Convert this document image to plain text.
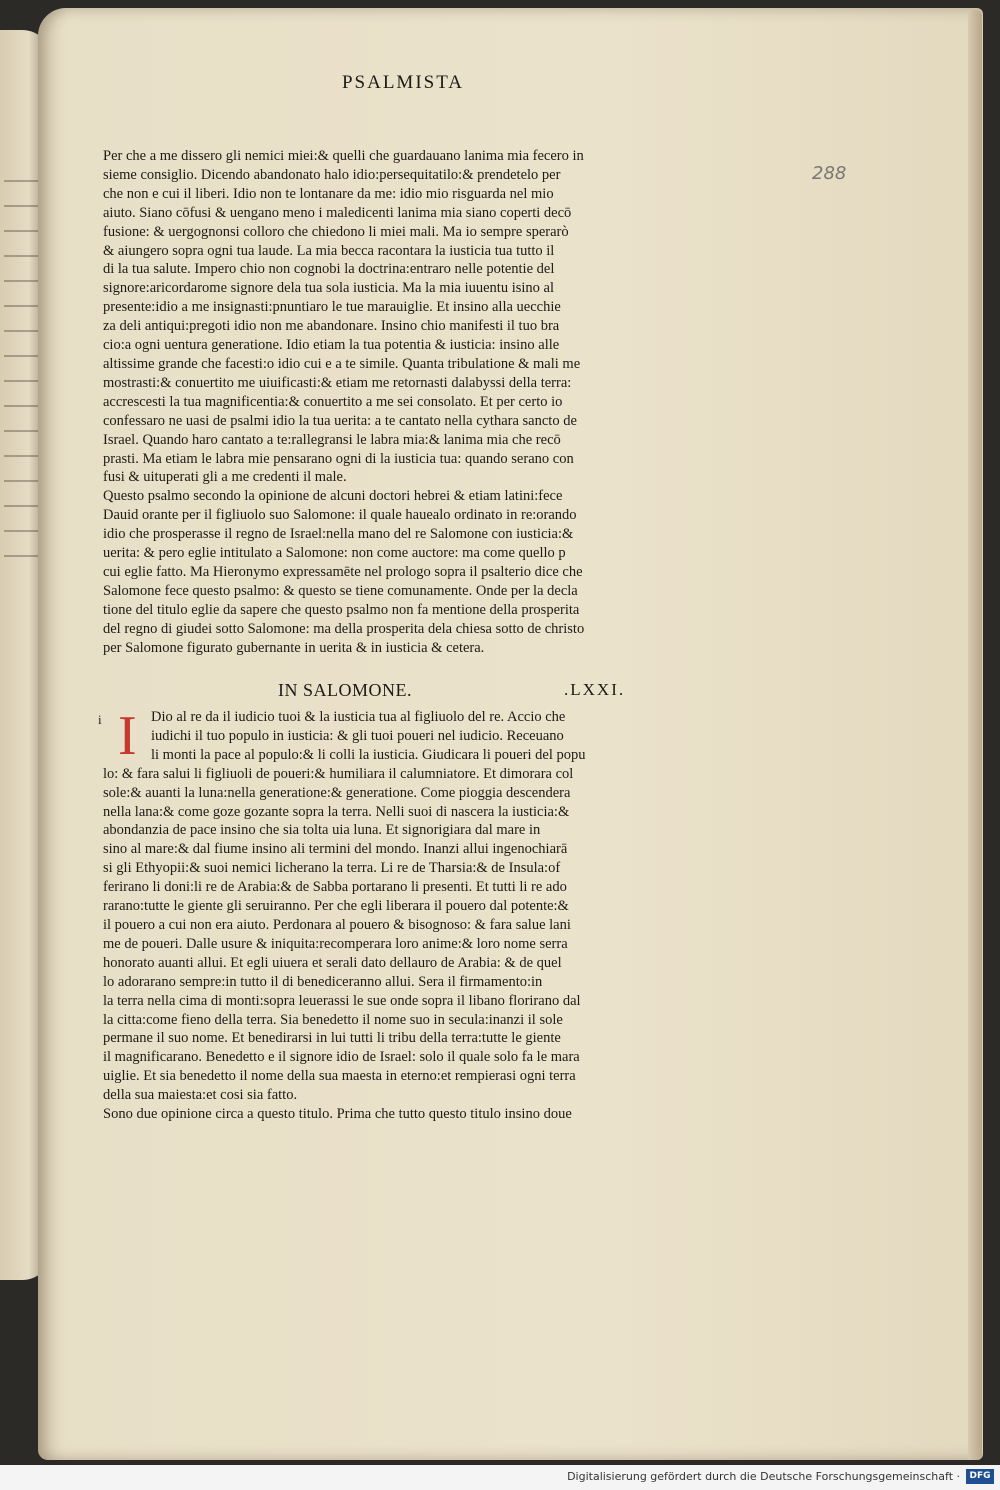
PSALMISTA
288
Per che a me dissero gli nemici miei:& quelli che guardauano lanima mia fecero in
sieme consiglio. Dicendo abandonato halo idio:persequitatilo:& prendetelo per
che non e cui il liberi. Idio non te lontanare da me: idio mio risguarda nel mio
aiuto. Siano cōfusi & uengano meno i maledicenti lanima mia siano coperti decō
fusione: & uergognonsi colloro che chiedono li miei mali. Ma io sempre sperarò
& aiungero sopra ogni tua laude. La mia becca racontara la iusticia tua tutto il
di la tua salute. Impero chio non cognobi la doctrina:entraro nelle potentie del
signore:aricordarome signore dela tua sola iusticia. Ma la mia iuuentu isino al
presente:idio a me insignasti:pnuntiaro le tue marauiglie. Et insino alla uecchie
za deli antiqui:pregoti idio non me abandonare. Insino chio manifesti il tuo bra
cio:a ogni uentura generatione. Idio etiam la tua potentia & iusticia: insino alle
altissime grande che facesti:o idio cui e a te simile. Quanta tribulatione & mali me
mostrasti:& conuertito me uiuificasti:& etiam me retornasti dalabyssi della terra:
accrescesti la tua magnificentia:& conuertito a me sei consolato. Et per certo io
confessaro ne uasi de psalmi idio la tua uerita: a te cantato nella cythara sancto de
Israel. Quando haro cantato a te:rallegransi le labra mia:& lanima mia che recō
prasti. Ma etiam le labra mie pensarano ogni di la iusticia tua: quando serano con
fusi & uituperati gli a me credenti il male.
Questo psalmo secondo la opinione de alcuni doctori hebrei & etiam latini:fece
Dauid orante per il figliuolo suo Salomone: il quale hauealo ordinato in re:orando
idio che prosperasse il regno de Israel:nella mano del re Salomone con iusticia:&
uerita: & pero eglie intitulato a Salomone: non come auctore: ma come quello p
cui eglie fatto. Ma Hieronymo expressamēte nel prologo sopra il psalterio dice che
Salomone fece questo psalmo: & questo se tiene comunamente. Onde per la decla
tione del titulo eglie da sapere che questo psalmo non fa mentione della prosperita
del regno di giudei sotto Salomone: ma della prosperita dela chiesa sotto de christo
per Salomone figurato gubernante in uerita & in iusticia & cetera.
IN SALOMONE.	.LXXI.
i I Dio al re da il iudicio tuoi & la iusticia tua al figliuolo del re. Accio che
iudichi il tuo populo in iusticia: & gli tuoi poueri nel iudicio. Receuano
li monti la pace al populo:& li colli la iusticia. Giudicara li poueri del popu
lo: & fara salui li figliuoli de poueri:& humiliara il calumniatore. Et dimorara col
sole:& auanti la luna:nella generatione:& generatione. Come pioggia descendera
nella lana:& come goze gozante sopra la terra. Nelli suoi di nascera la iusticia:&
abondanzia de pace insino che sia tolta uia luna. Et signorigiara dal mare in
sino al mare:& dal fiume insino ali termini del mondo. Inanzi allui ingenochiarā
si gli Ethyopii:& suoi nemici licherano la terra. Li re de Tharsia:& de Insula:of
ferirano li doni:li re de Arabia:& de Sabba portarano li presenti. Et tutti li re ado
rarano:tutte le giente gli seruiranno. Per che egli liberara il pouero dal potente:&
il pouero a cui non era aiuto. Perdonara al pouero & bisognoso: & fara salue lani
me de poueri. Dalle usure & iniquita:recomperara loro anime:& loro nome serra
honorato auanti allui. Et egli uiuera et serali dato dellauro de Arabia: & de quel
lo adorarano sempre:in tutto il di benediceranno allui. Sera il firmamento:in
la terra nella cima di monti:sopra leuerassi le sue onde sopra il libano florirano dal
la citta:come fieno della terra. Sia benedetto il nome suo in secula:inanzi il sole
permane il suo nome. Et benedirarsi in lui tutti li tribu della terra:tutte le giente
il magnificarano. Benedetto e il signore idio de Israel: solo il quale solo fa le mara
uiglie. Et sia benedetto il nome della sua maesta in eterno:et rempierasi ogni terra
della sua maiesta:et cosi sia fatto.
Sono due opinione circa a questo titulo. Prima che tutto questo titulo insino doue
Digitalisierung gefördert durch die Deutsche Forschungsgemeinschaft ·	DFG
